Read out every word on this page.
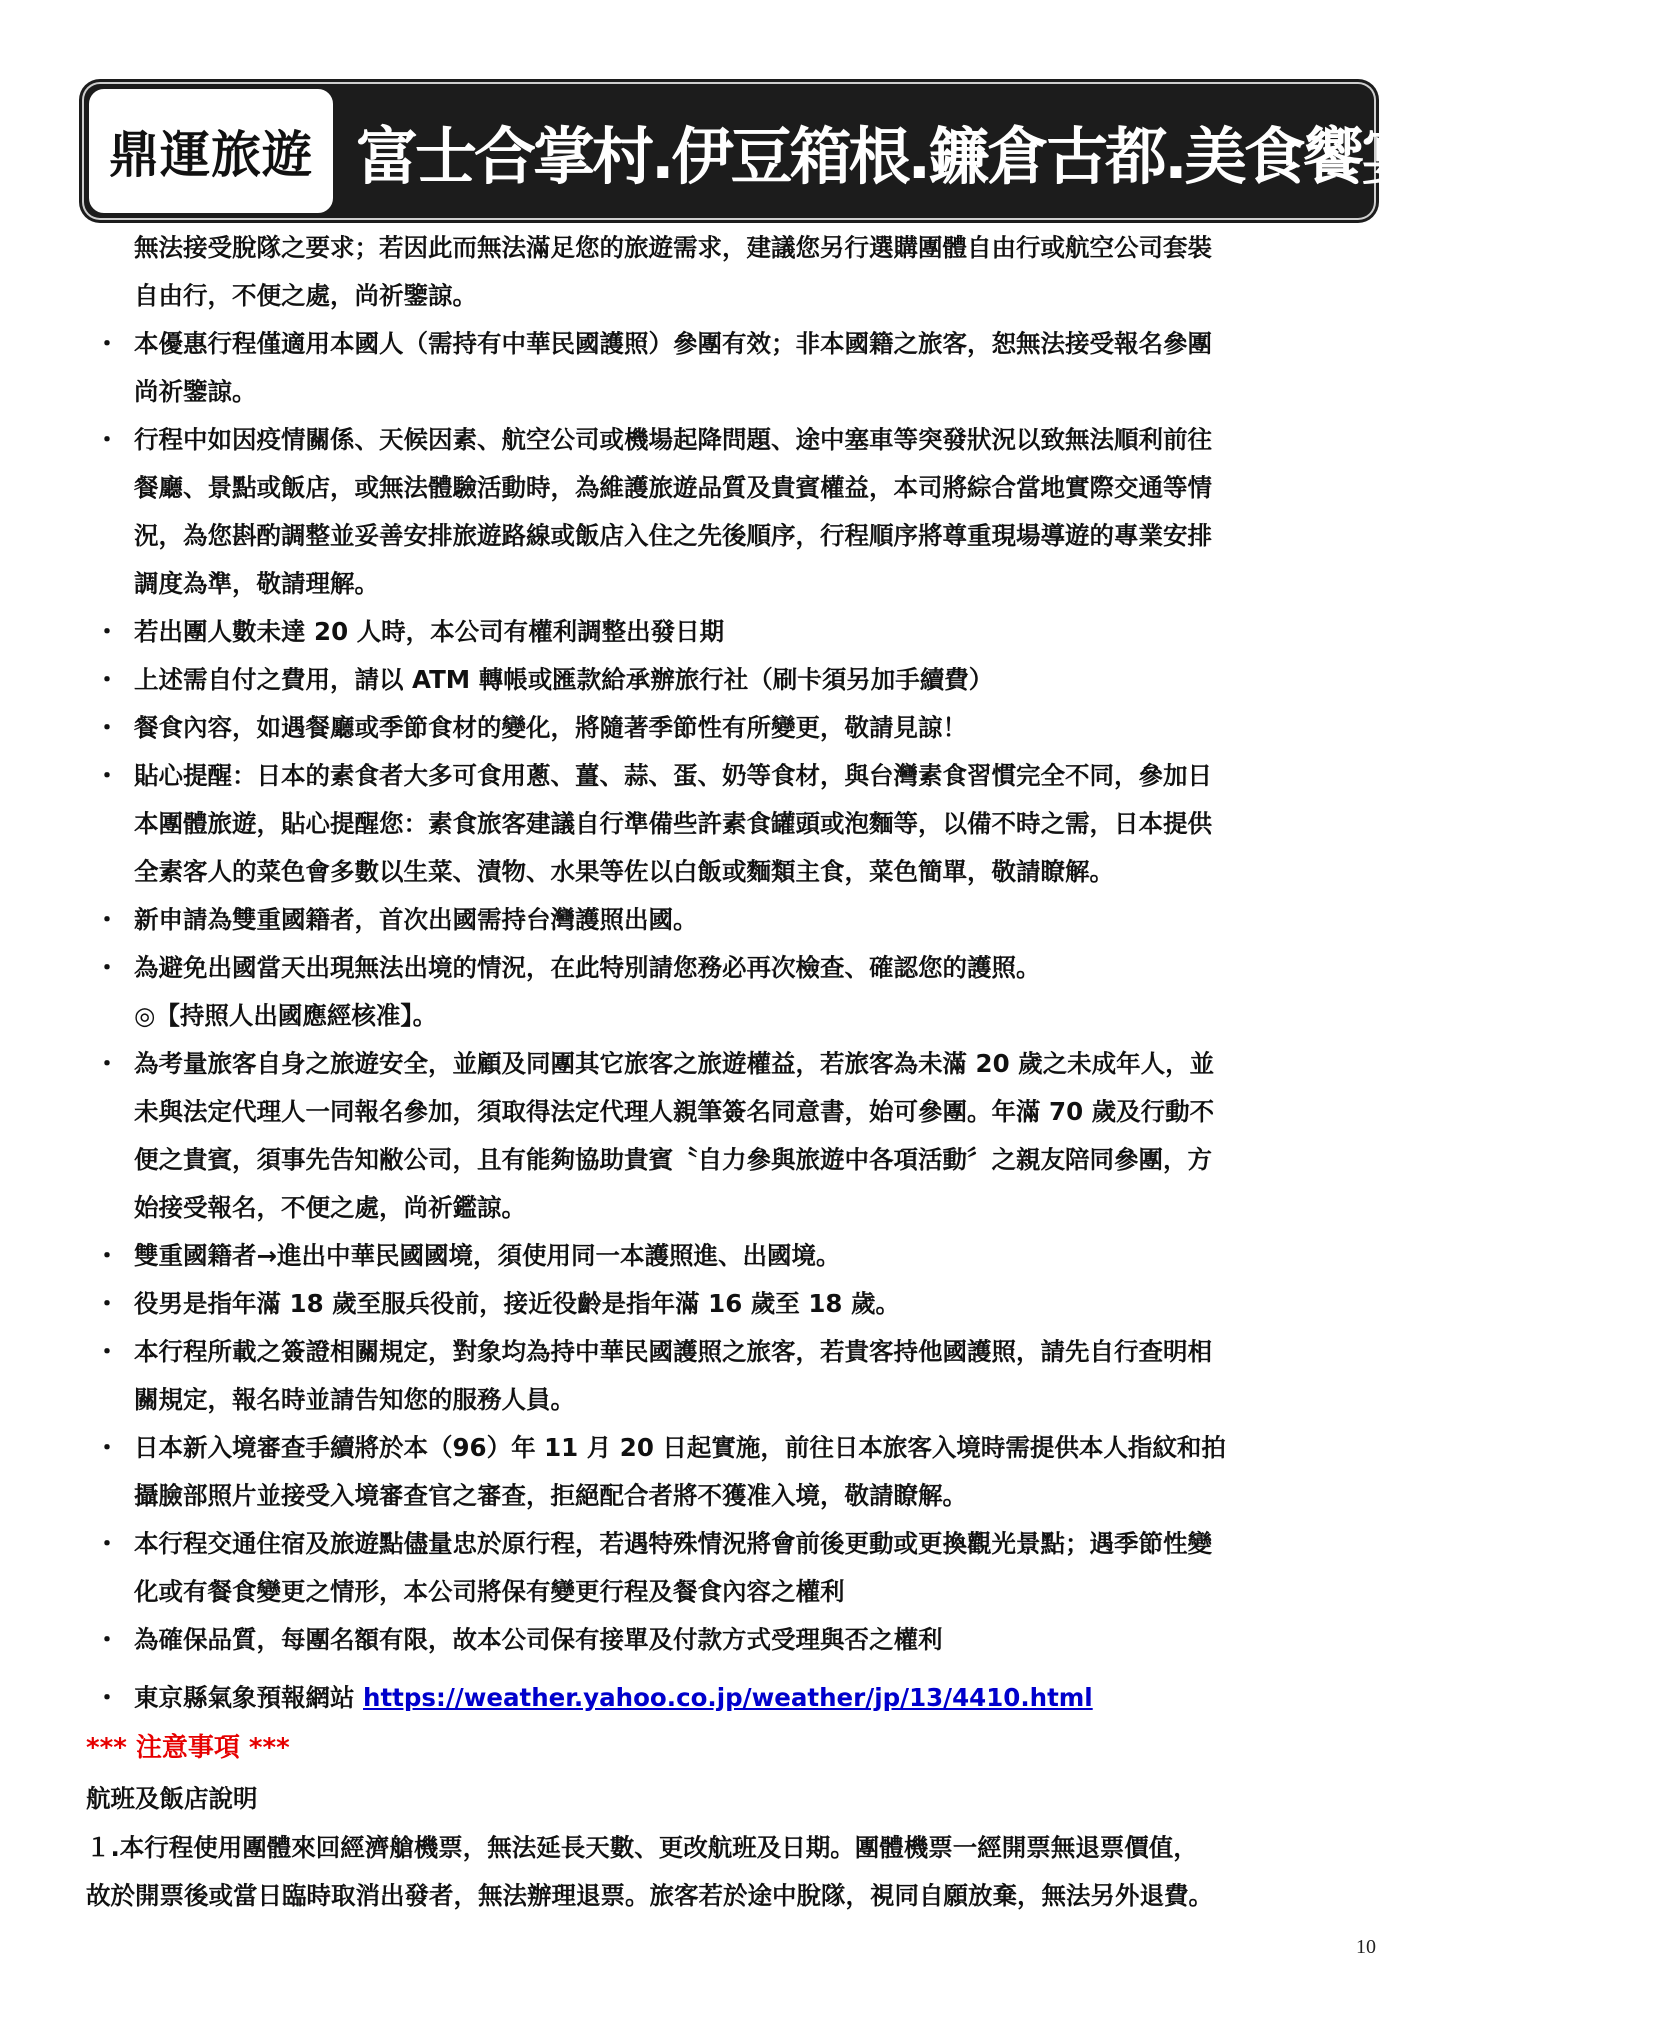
鼎運旅遊 富士合掌村.伊豆箱根.鐮倉古都.美食饗宴溫泉五日
無法接受脫隊之要求；若因此而無法滿足您的旅遊需求，建議您另行選購團體自由行或航空公司套裝
自由行，不便之處，尚祈鑒諒。
・ 本優惠行程僅適用本國人（需持有中華民國護照）參團有效；非本國籍之旅客，恕無法接受報名參團
尚祈鑒諒。
・ 行程中如因疫情關係、天候因素、航空公司或機場起降問題、途中塞車等突發狀況以致無法順利前往
餐廳、景點或飯店，或無法體驗活動時，為維護旅遊品質及貴賓權益，本司將綜合當地實際交通等情
況，為您斟酌調整並妥善安排旅遊路線或飯店入住之先後順序，行程順序將尊重現場導遊的專業安排
調度為準，敬請理解。
・ 若出團人數未達 20 人時，本公司有權利調整出發日期
・ 上述需自付之費用，請以 ATM 轉帳或匯款給承辦旅行社（刷卡須另加手續費）
・ 餐食內容，如遇餐廳或季節食材的變化，將隨著季節性有所變更，敬請見諒！
・ 貼心提醒：日本的素食者大多可食用蔥、薑、蒜、蛋、奶等食材，與台灣素食習慣完全不同，參加日
本團體旅遊，貼心提醒您：素食旅客建議自行準備些許素食罐頭或泡麵等，以備不時之需，日本提供
全素客人的菜色會多數以生菜、漬物、水果等佐以白飯或麵類主食，菜色簡單，敬請瞭解。
・ 新申請為雙重國籍者，首次出國需持台灣護照出國。
・ 為避免出國當天出現無法出境的情況，在此特別請您務必再次檢查、確認您的護照。
◎【持照人出國應經核准】。
・ 為考量旅客自身之旅遊安全，並顧及同團其它旅客之旅遊權益，若旅客為未滿 20 歲之未成年人，並
未與法定代理人一同報名參加，須取得法定代理人親筆簽名同意書，始可參團。年滿 70 歲及行動不
便之貴賓，須事先告知敝公司，且有能夠協助貴賓〝自力參與旅遊中各項活動〞之親友陪同參團，方
始接受報名，不便之處，尚祈鑑諒。
・ 雙重國籍者→進出中華民國國境，須使用同一本護照進、出國境。
・ 役男是指年滿 18 歲至服兵役前，接近役齡是指年滿 16 歲至 18 歲。
・ 本行程所載之簽證相關規定，對象均為持中華民國護照之旅客，若貴客持他國護照，請先自行查明相
關規定，報名時並請告知您的服務人員。
・ 日本新入境審查手續將於本（96）年 11 月 20 日起實施，前往日本旅客入境時需提供本人指紋和拍
攝臉部照片並接受入境審查官之審查，拒絕配合者將不獲准入境，敬請瞭解。
・ 本行程交通住宿及旅遊點儘量忠於原行程，若遇特殊情況將會前後更動或更換觀光景點；遇季節性變
化或有餐食變更之情形，本公司將保有變更行程及餐食內容之權利
・ 為確保品質，每團名額有限，故本公司保有接單及付款方式受理與否之權利
・ 東京縣氣象預報網站 https://weather.yahoo.co.jp/weather/jp/13/4410.html
*** 注意事項 ***
航班及飯店說明
１.本行程使用團體來回經濟艙機票，無法延長天數、更改航班及日期。團體機票一經開票無退票價值，
故於開票後或當日臨時取消出發者，無法辦理退票。旅客若於途中脫隊，視同自願放棄，無法另外退費。
10
